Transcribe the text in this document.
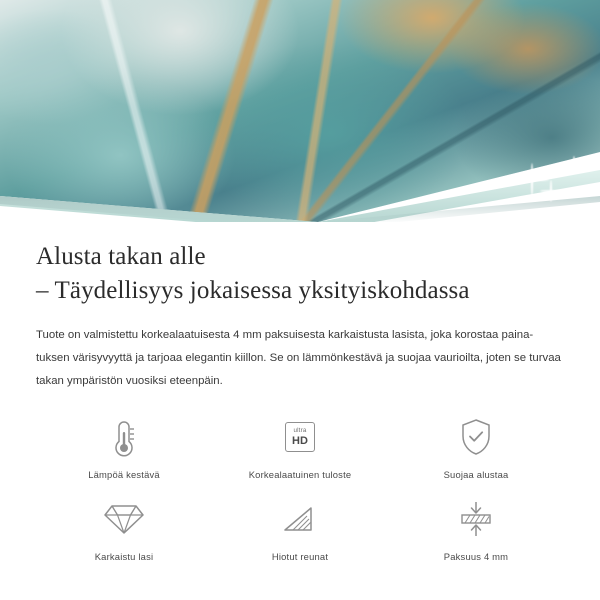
Alusta takan alle
– Täydellisyys jokaisessa yksityiskohdassa

Tuote on valmistettu korkealaatuisesta 4 mm paksuisesta karkaistusta lasista, joka korostaa paina-tuksen värisyvyyttä ja tarjoaa elegantin kiillon. Se on lämmönkestävä ja suojaa vaurioilta, joten se turvaa takan ympäristön vuosiksi eteenpäin.

Lämpöä kestävä
ultra
HD
Korkealaatuinen tuloste	Suojaa alustaa
Karkaistu lasi	Hiotut reunat	Paksuus 4 mm
